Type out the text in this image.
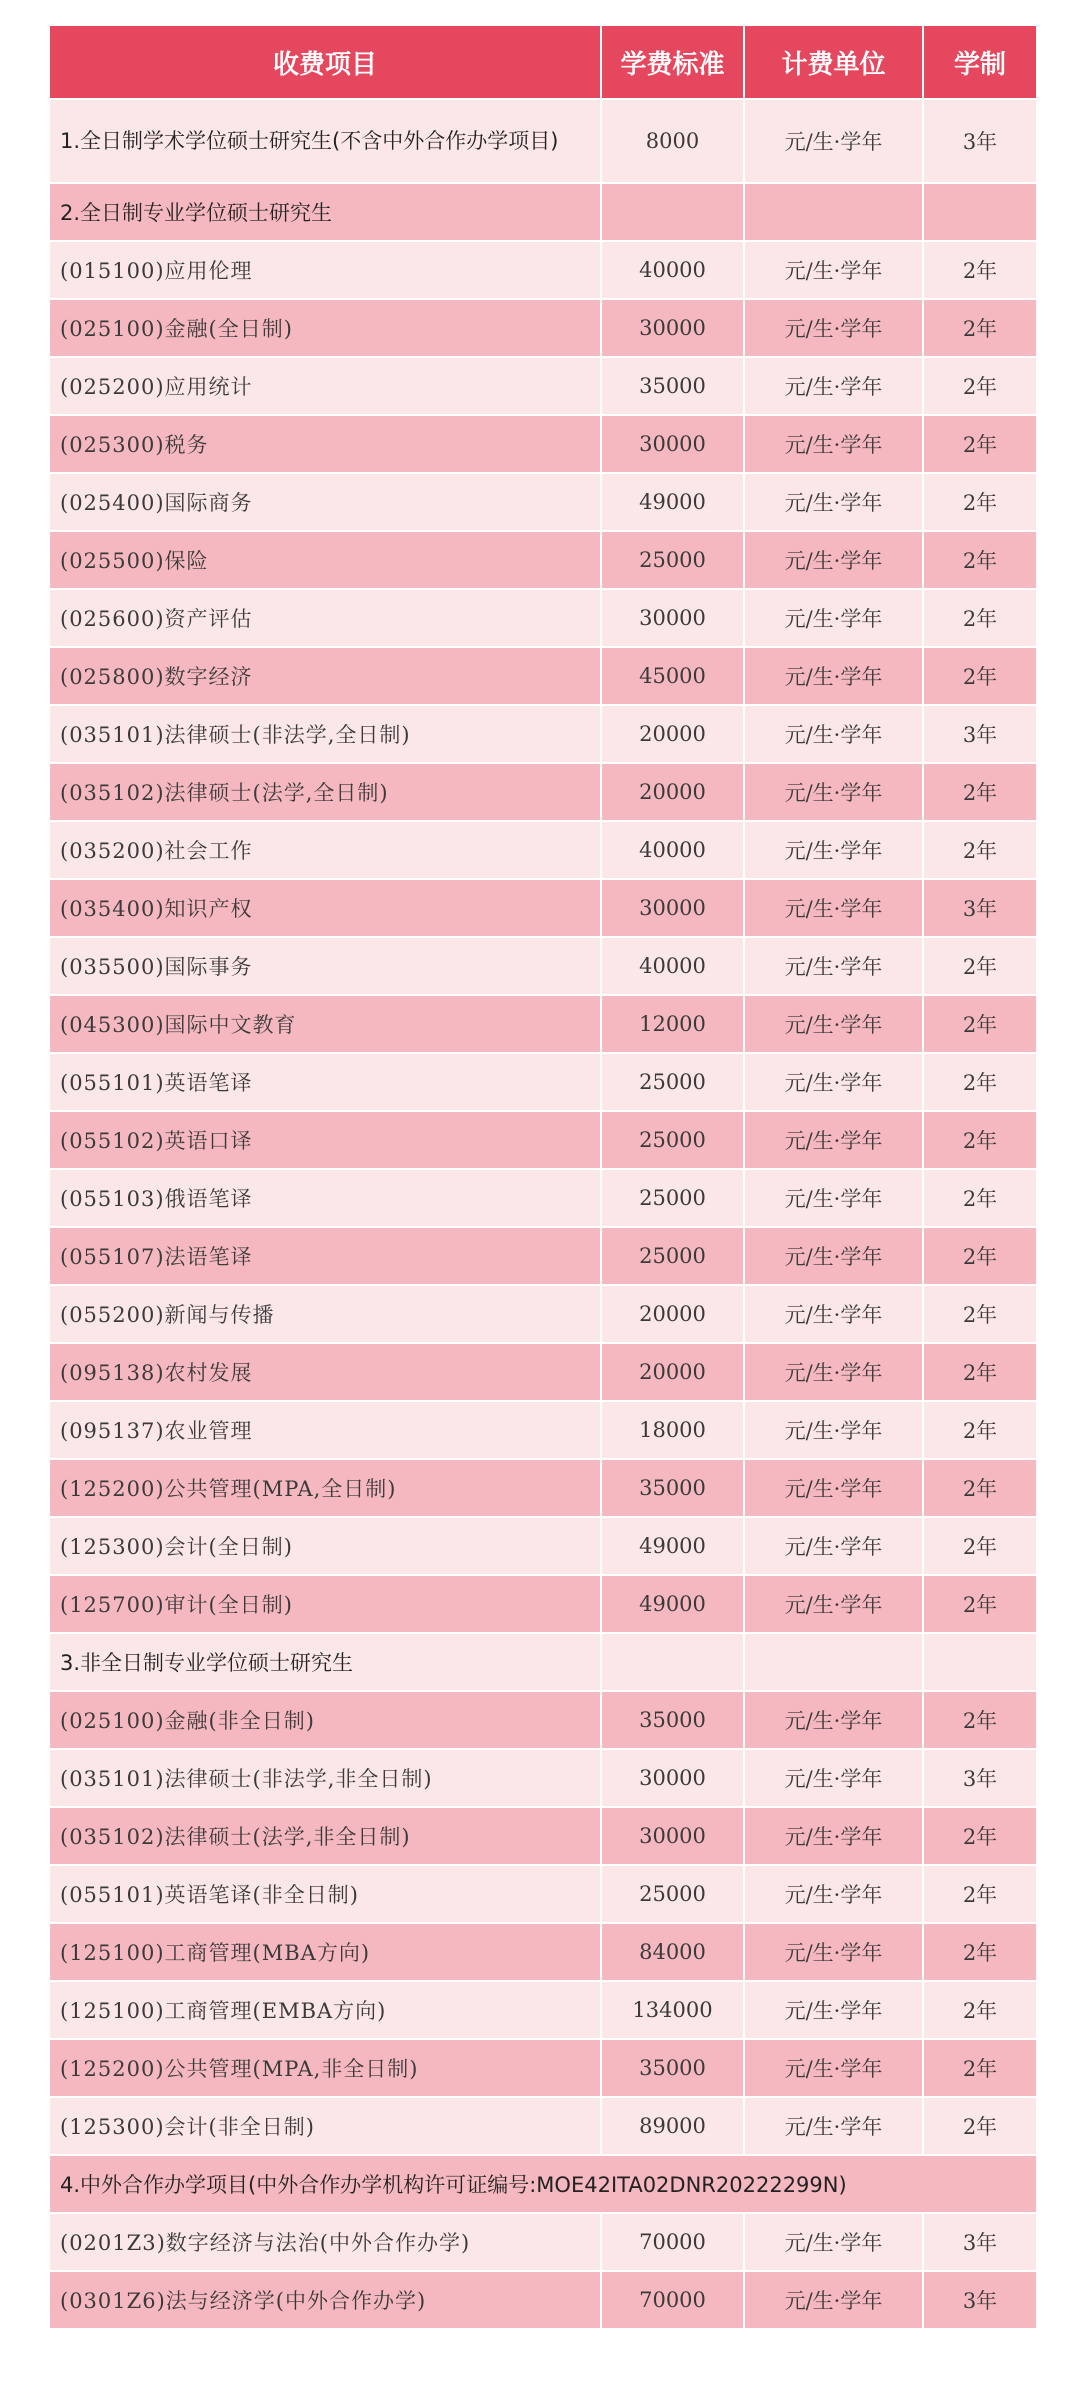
收费项目	学费标准	计费单位	学制
1.全日制学术学位硕士研究生(不含中外合作办学项目)	8000	元/生·学年	3年
2.全日制专业学位硕士研究生			
(015100)应用伦理	40000	元/生·学年	2年
(025100)金融(全日制)	30000	元/生·学年	2年
(025200)应用统计	35000	元/生·学年	2年
(025300)税务	30000	元/生·学年	2年
(025400)国际商务	49000	元/生·学年	2年
(025500)保险	25000	元/生·学年	2年
(025600)资产评估	30000	元/生·学年	2年
(025800)数字经济	45000	元/生·学年	2年
(035101)法律硕士(非法学,全日制)	20000	元/生·学年	3年
(035102)法律硕士(法学,全日制)	20000	元/生·学年	2年
(035200)社会工作	40000	元/生·学年	2年
(035400)知识产权	30000	元/生·学年	3年
(035500)国际事务	40000	元/生·学年	2年
(045300)国际中文教育	12000	元/生·学年	2年
(055101)英语笔译	25000	元/生·学年	2年
(055102)英语口译	25000	元/生·学年	2年
(055103)俄语笔译	25000	元/生·学年	2年
(055107)法语笔译	25000	元/生·学年	2年
(055200)新闻与传播	20000	元/生·学年	2年
(095138)农村发展	20000	元/生·学年	2年
(095137)农业管理	18000	元/生·学年	2年
(125200)公共管理(MPA,全日制)	35000	元/生·学年	2年
(125300)会计(全日制)	49000	元/生·学年	2年
(125700)审计(全日制)	49000	元/生·学年	2年
3.非全日制专业学位硕士研究生			
(025100)金融(非全日制)	35000	元/生·学年	2年
(035101)法律硕士(非法学,非全日制)	30000	元/生·学年	3年
(035102)法律硕士(法学,非全日制)	30000	元/生·学年	2年
(055101)英语笔译(非全日制)	25000	元/生·学年	2年
(125100)工商管理(MBA方向)	84000	元/生·学年	2年
(125100)工商管理(EMBA方向)	134000	元/生·学年	2年
(125200)公共管理(MPA,非全日制)	35000	元/生·学年	2年
(125300)会计(非全日制)	89000	元/生·学年	2年
4.中外合作办学项目(中外合作办学机构许可证编号:MOE42ITA02DNR20222299N)			
(0201Z3)数字经济与法治(中外合作办学)	70000	元/生·学年	3年
(0301Z6)法与经济学(中外合作办学)	70000	元/生·学年	3年
